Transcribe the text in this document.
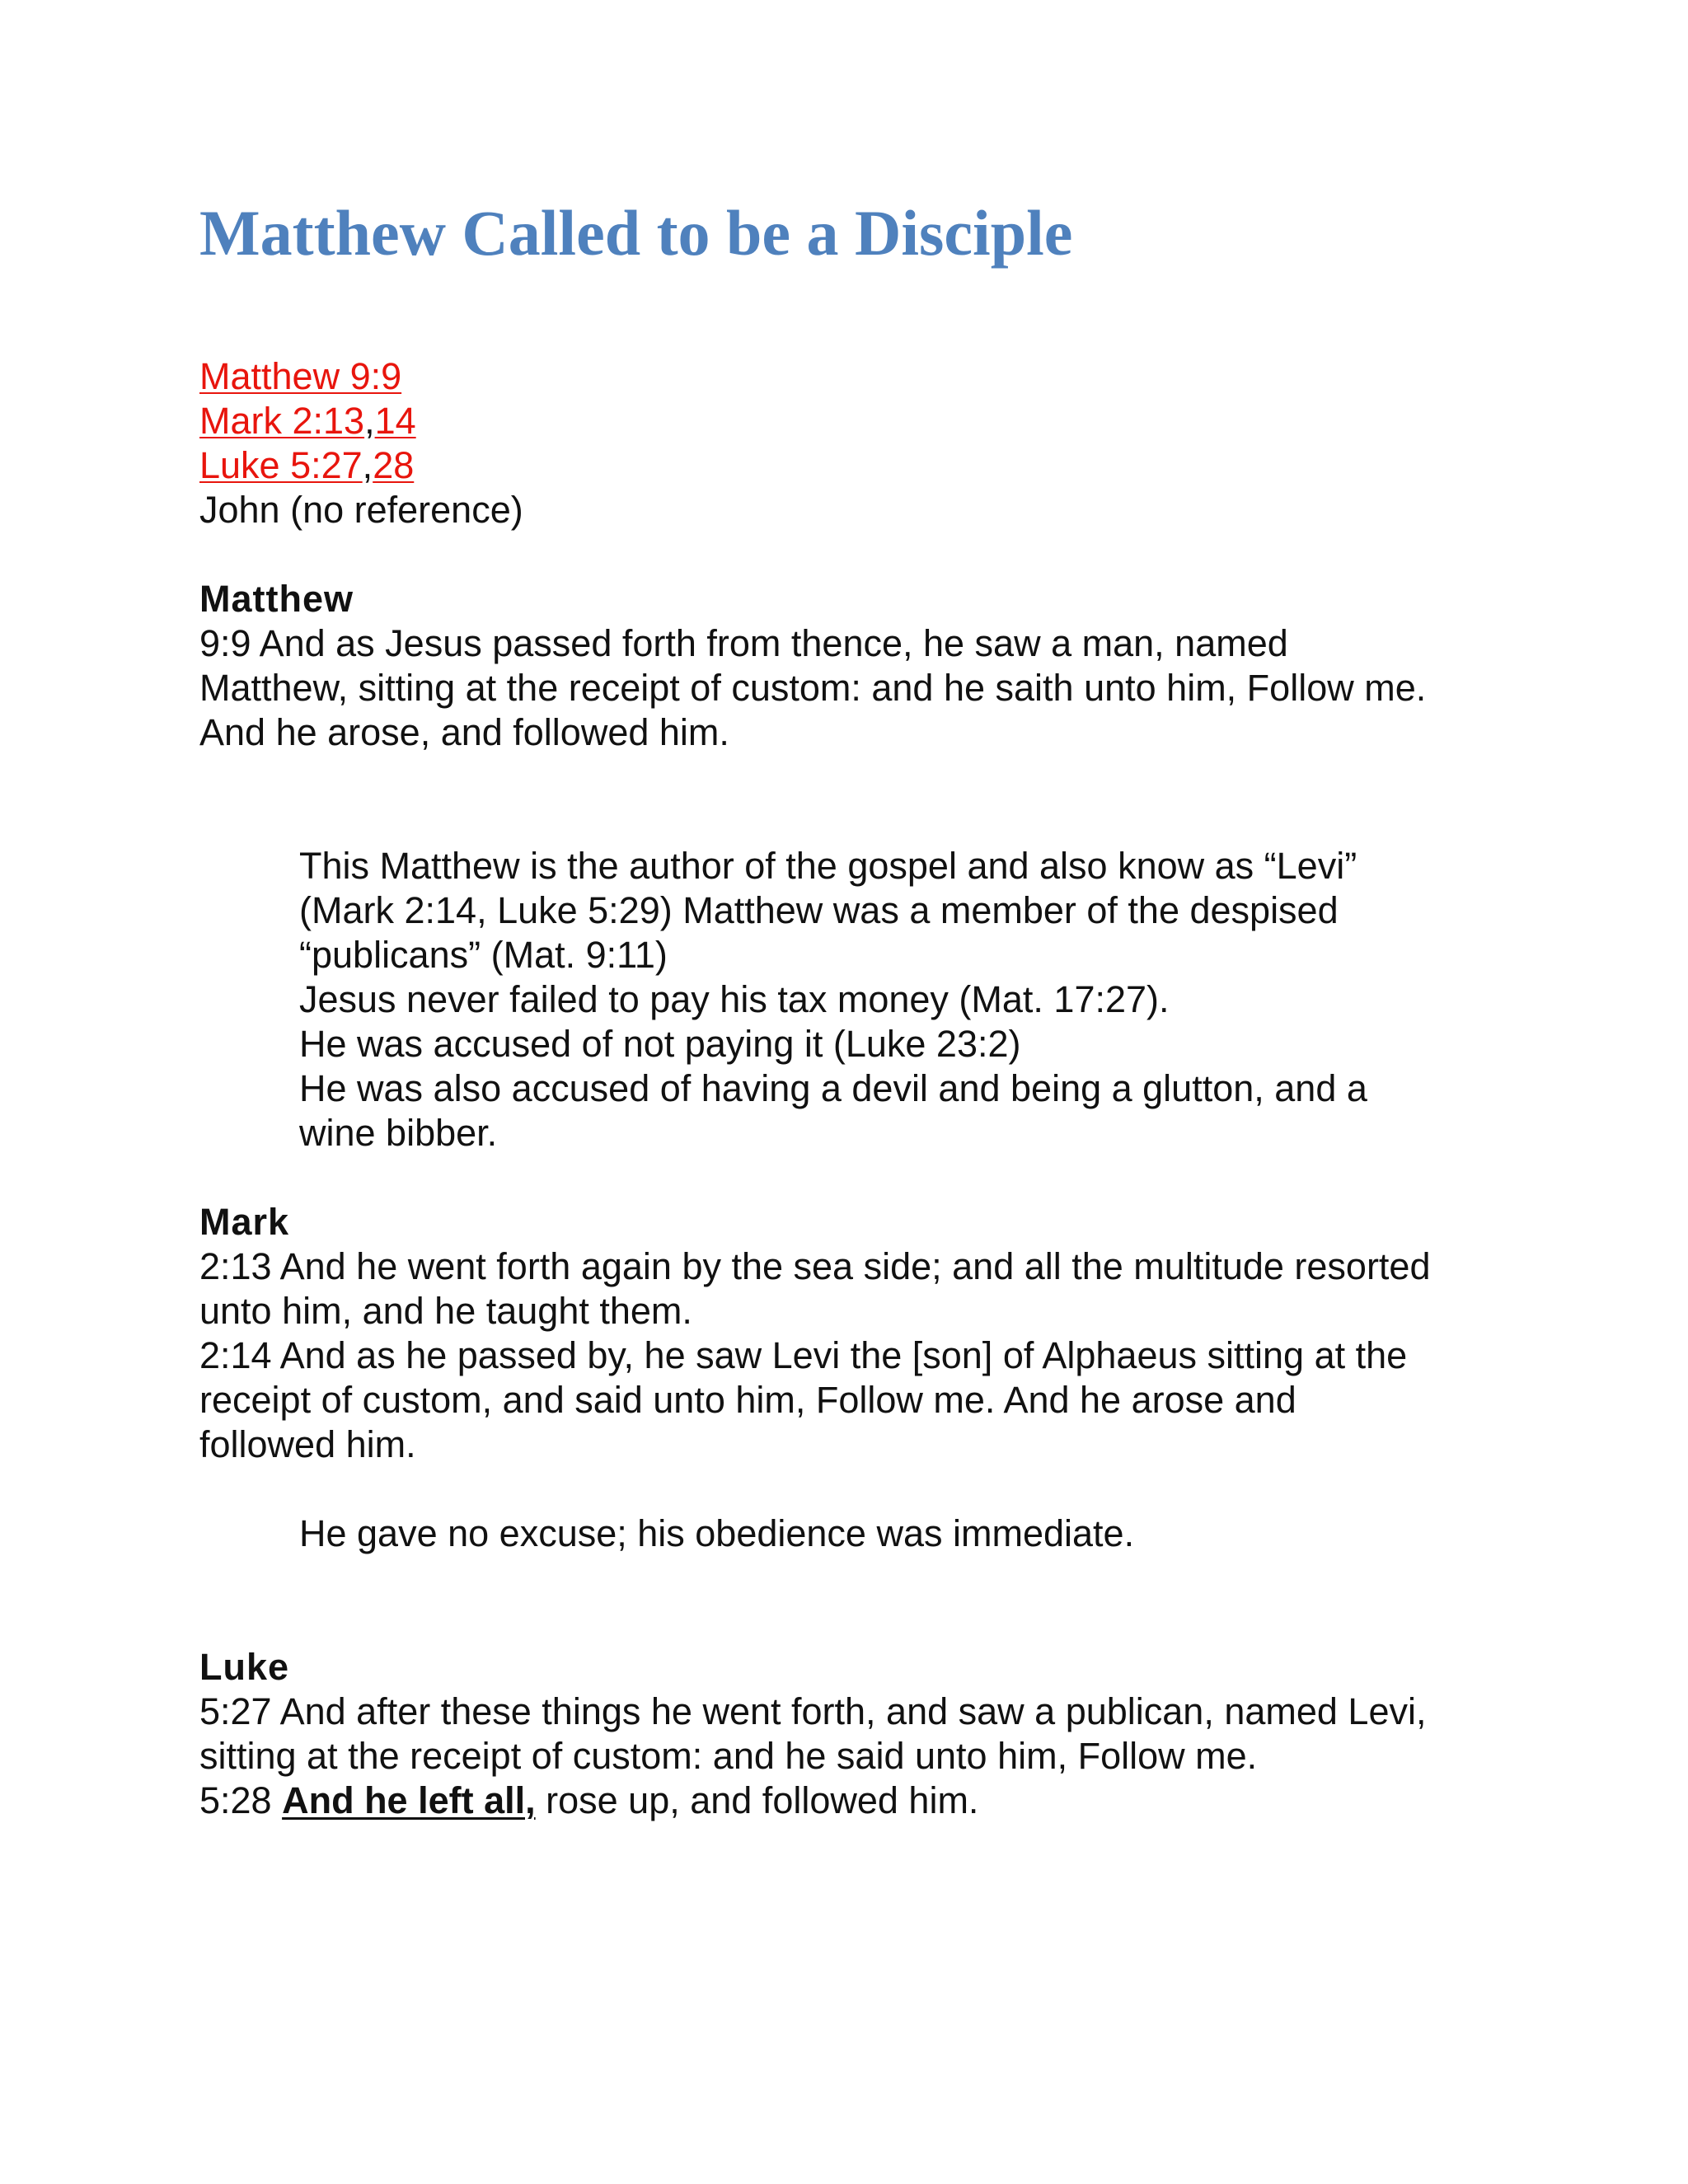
Matthew Called to be a Disciple
Matthew 9:9
Mark 2:13,14
Luke 5:27,28
John (no reference)
Matthew
9:9 And as Jesus passed forth from thence, he saw a man, named
Matthew, sitting at the receipt of custom: and he saith unto him, Follow me.
And he arose, and followed him.
This Matthew is the author of the gospel and also know as “Levi”
(Mark 2:14, Luke 5:29) Matthew was a member of the despised
“publicans” (Mat. 9:11)
Jesus never failed to pay his tax money (Mat. 17:27).
He was accused of not paying it (Luke 23:2)
He was also accused of having a devil and being a glutton, and a
wine bibber.
Mark
2:13 And he went forth again by the sea side; and all the multitude resorted
unto him, and he taught them.
2:14 And as he passed by, he saw Levi the [son] of Alphaeus sitting at the
receipt of custom, and said unto him, Follow me. And he arose and
followed him.
He gave no excuse; his obedience was immediate.
Luke
5:27 And after these things he went forth, and saw a publican, named Levi,
sitting at the receipt of custom: and he said unto him, Follow me.
5:28 And he left all, rose up, and followed him.
